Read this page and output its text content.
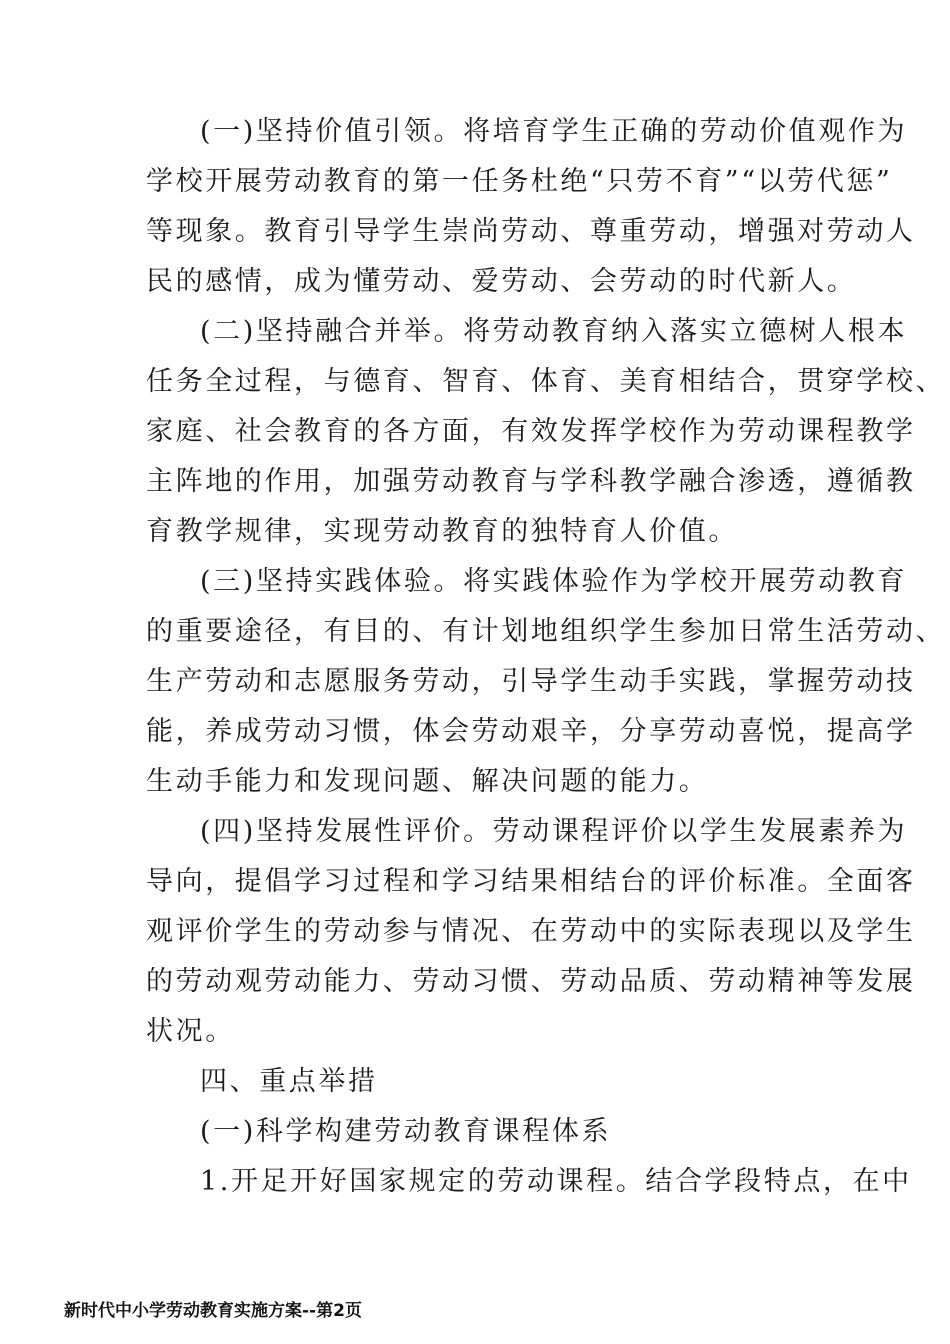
(一)坚持价值引领。将培育学生正确的劳动价值观作为
学校开展劳动教育的第一任务杜绝“只劳不育”“以劳代惩”
等现象。教育引导学生崇尚劳动、尊重劳动，增强对劳动人
民的感情，成为懂劳动、爱劳动、会劳动的时代新人。
(二)坚持融合并举。将劳动教育纳入落实立德树人根本
任务全过程，与德育、智育、体育、美育相结合，贯穿学校、
家庭、社会教育的各方面，有效发挥学校作为劳动课程教学
主阵地的作用，加强劳动教育与学科教学融合渗透，遵循教
育教学规律，实现劳动教育的独特育人价值。
(三)坚持实践体验。将实践体验作为学校开展劳动教育
的重要途径，有目的、有计划地组织学生参加日常生活劳动、
生产劳动和志愿服务劳动，引导学生动手实践，掌握劳动技
能，养成劳动习惯，体会劳动艰辛，分享劳动喜悦，提高学
生动手能力和发现问题、解决问题的能力。
(四)坚持发展性评价。劳动课程评价以学生发展素养为
导向，提倡学习过程和学习结果相结台的评价标准。全面客
观评价学生的劳动参与情况、在劳动中的实际表现以及学生
的劳动观劳动能力、劳动习惯、劳动品质、劳动精神等发展
状况。
四、重点举措
(一)科学构建劳动教育课程体系
1.开足开好国家规定的劳动课程。结合学段特点，在中
新时代中小学劳动教育实施方案--第2页
